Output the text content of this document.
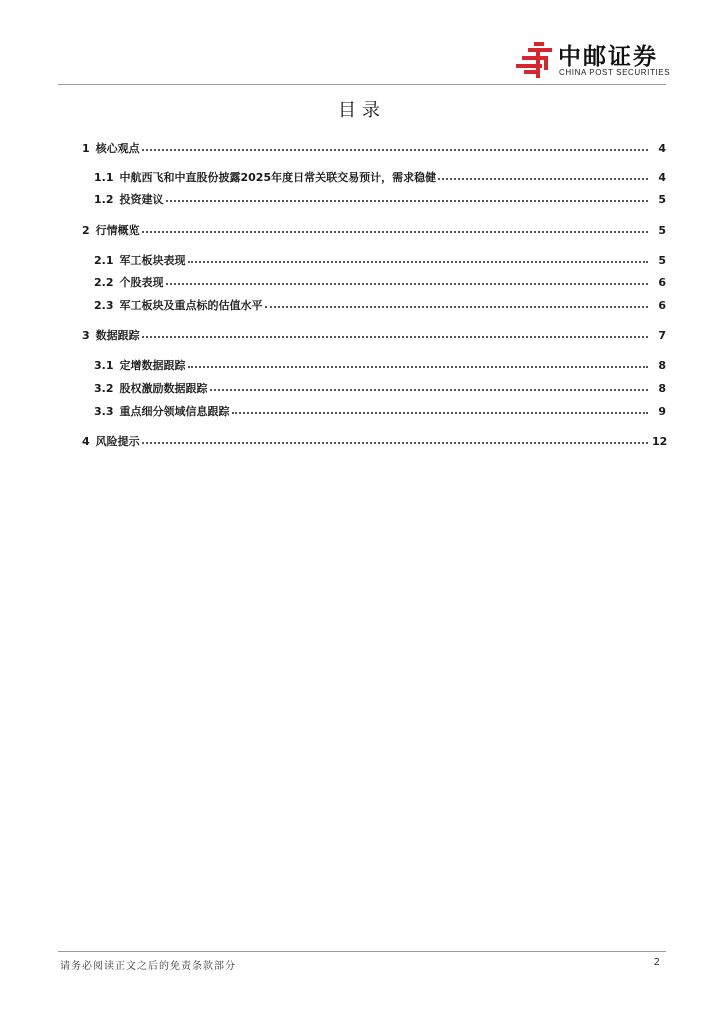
中邮证券
CHINA POST SECURITIES
目录
1 核心观点	4
1.1 中航西飞和中直股份披露2025年度日常关联交易预计，需求稳健	4
1.2 投资建议	5
2 行情概览	5
2.1 军工板块表现	5
2.2 个股表现	6
2.3 军工板块及重点标的估值水平	6
3 数据跟踪	7
3.1 定增数据跟踪	8
3.2 股权激励数据跟踪	8
3.3 重点细分领域信息跟踪	9
4 风险提示	12
请务必阅读正文之后的免责条款部分	2
